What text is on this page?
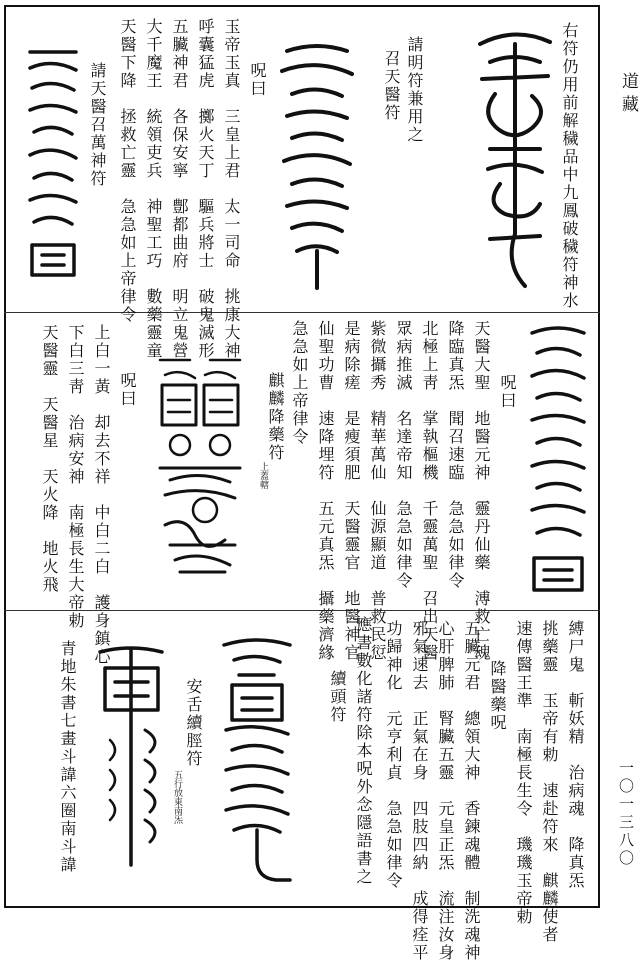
道藏
一〇一三八〇
右符仍用前解穢品中九鳳破穢符神水
請明符兼用之
召天醫符
呪曰
玉帝玉真　三皇上君　太一司命　挑康大神
呼囊猛虎　擲火天丁　驅兵將士　破鬼滅形
五臟神君　各保安寧　鄷都曲府　明立鬼營
大千魔王　統領吏兵　神聖工巧　數藥靈童
天醫下降　拯救亡靈　急急如上帝律令
請天醫召萬神符
呪曰
天醫大聖　地醫元神　靈丹仙藥　溥救亡魂
降臨真炁　聞召速臨　急急如律令
北極上靑　掌執樞機　千靈萬聖　召出天醫
眾病推滅　名達帝知　急急如律令
紫微攝秀　精華萬仙　仙源顯道　普救民愆
是病除瘥　是瘦須肥　天醫靈官　地醫神官
仙聖功曹　速降埋符　五元真炁　攝藥濟緣
急急如上帝律令
麒麟降藥符
上蓋轄
呪曰
上白一黃　却去不祥　中白二白　護身鎮心
下白三靑　治病安神　南極長生大帝勅
天醫靈　天醫星　天火降　地火飛
縛尸鬼　斬妖精　治病魂　降真炁
挑藥靈　玉帝有勅　速赴符來　麒麟使者
速傳醫王準　南極長生令　璣璣玉帝勅
降醫藥呪
五臟元君　總領大神　香鍊魂體　制洗魂神
心肝脾肺　腎臟五靈　元皇正炁　流注汝身
邪氣速去　正氣在身　四肢四納　成得痊平
功歸神化　元亨利貞　急急如律令
應書數化諸符除本呪外念隱語書之
續頭符
安舌續脛符
五行放東南炁
青地朱書七畫斗諱六圈南斗諱
